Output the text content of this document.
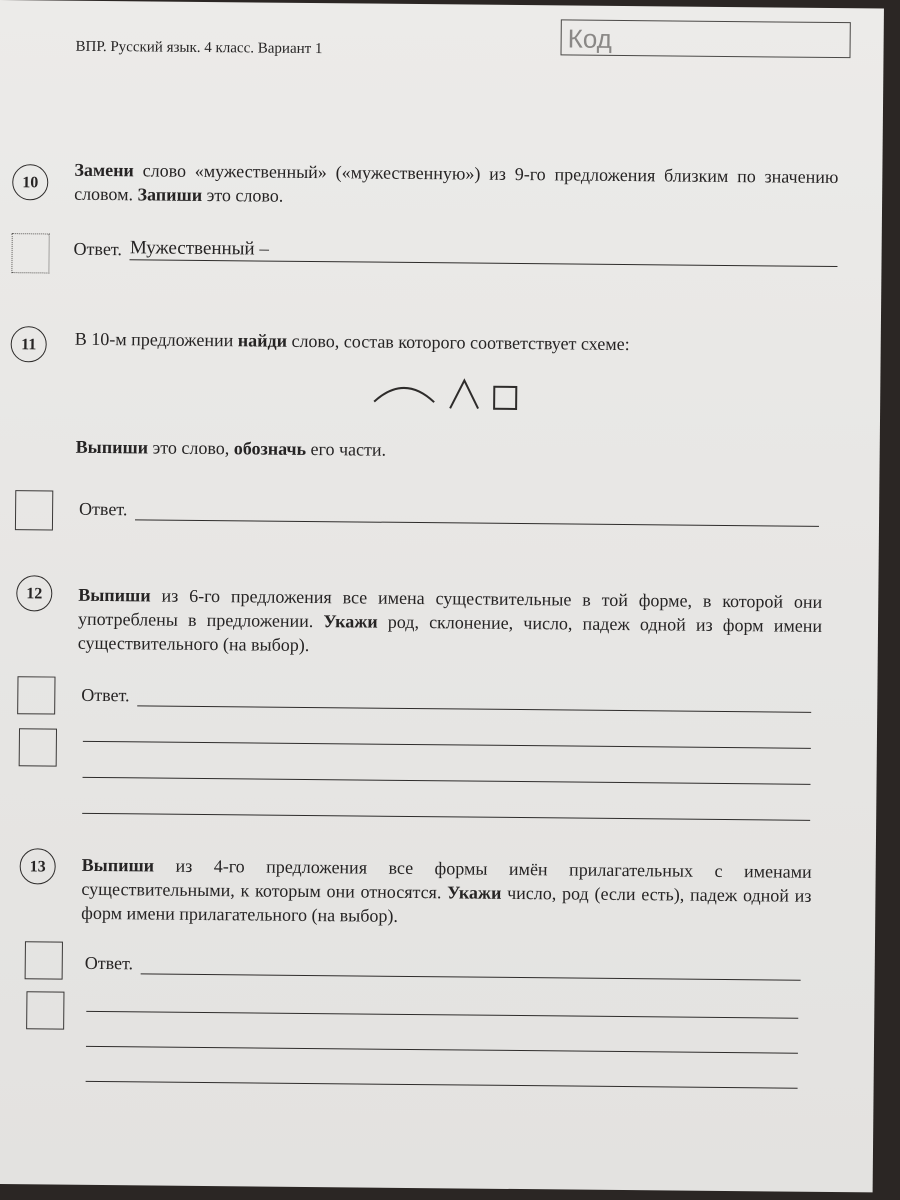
ВПР. Русский язык. 4 класс. Вариант 1	Код
10
Замени слово «мужественный» («мужественную») из 9-го предложения близким по значению словом. Запиши это слово.
Ответ. Мужественный –
11	В 10-м предложении найди слово, состав которого соответствует схеме:
Выпиши это слово, обозначь его части.
Ответ.
12	Выпиши из 6-го предложения все имена существительные в той форме, в которой они употреблены в предложении. Укажи род, склонение, число, падеж одной из форм имени существительного (на выбор).
Ответ.
13	Выпиши из 4-го предложения все формы имён прилагательных с именами существительными, к которым они относятся. Укажи число, род (если есть), падеж одной из форм имени прилагательного (на выбор).
Ответ.
